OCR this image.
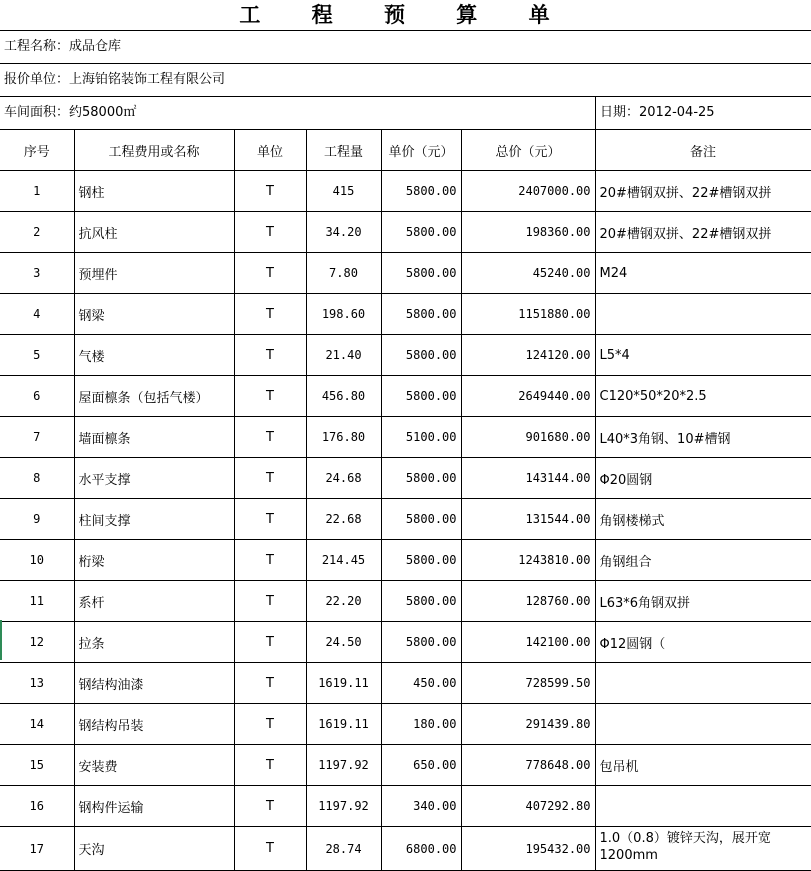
工 程 预 算 单
工程名称：成品仓库
报价单位：上海铂铭装饰工程有限公司
车间面积：约58000㎡	日期：2012-04-25
序号	工程费用或名称	单位	工程量	单价（元）	总价（元）	备注
1	钢柱	T	415	5800.00	2407000.00	20#槽钢双拼、22#槽钢双拼
2	抗风柱	T	34.20	5800.00	198360.00	20#槽钢双拼、22#槽钢双拼
3	预埋件	T	7.80	5800.00	45240.00	M24
4	钢梁	T	198.60	5800.00	1151880.00	
5	气楼	T	21.40	5800.00	124120.00	L5*4
6	屋面檩条（包括气楼）	T	456.80	5800.00	2649440.00	C120*50*20*2.5
7	墙面檩条	T	176.80	5100.00	901680.00	L40*3角钢、10#槽钢
8	水平支撑	T	24.68	5800.00	143144.00	Φ20圆钢
9	柱间支撑	T	22.68	5800.00	131544.00	角钢楼梯式
10	桁梁	T	214.45	5800.00	1243810.00	角钢组合
11	系杆	T	22.20	5800.00	128760.00	L63*6角钢双拼
12	拉条	T	24.50	5800.00	142100.00	Φ12圆钢（
13	钢结构油漆	T	1619.11	450.00	728599.50	
14	钢结构吊装	T	1619.11	180.00	291439.80	
15	安装费	T	1197.92	650.00	778648.00	包吊机
16	钢构件运输	T	1197.92	340.00	407292.80	
17	天沟	T	28.74	6800.00	195432.00	1.0（0.8）镀锌天沟，展开宽1200mm
